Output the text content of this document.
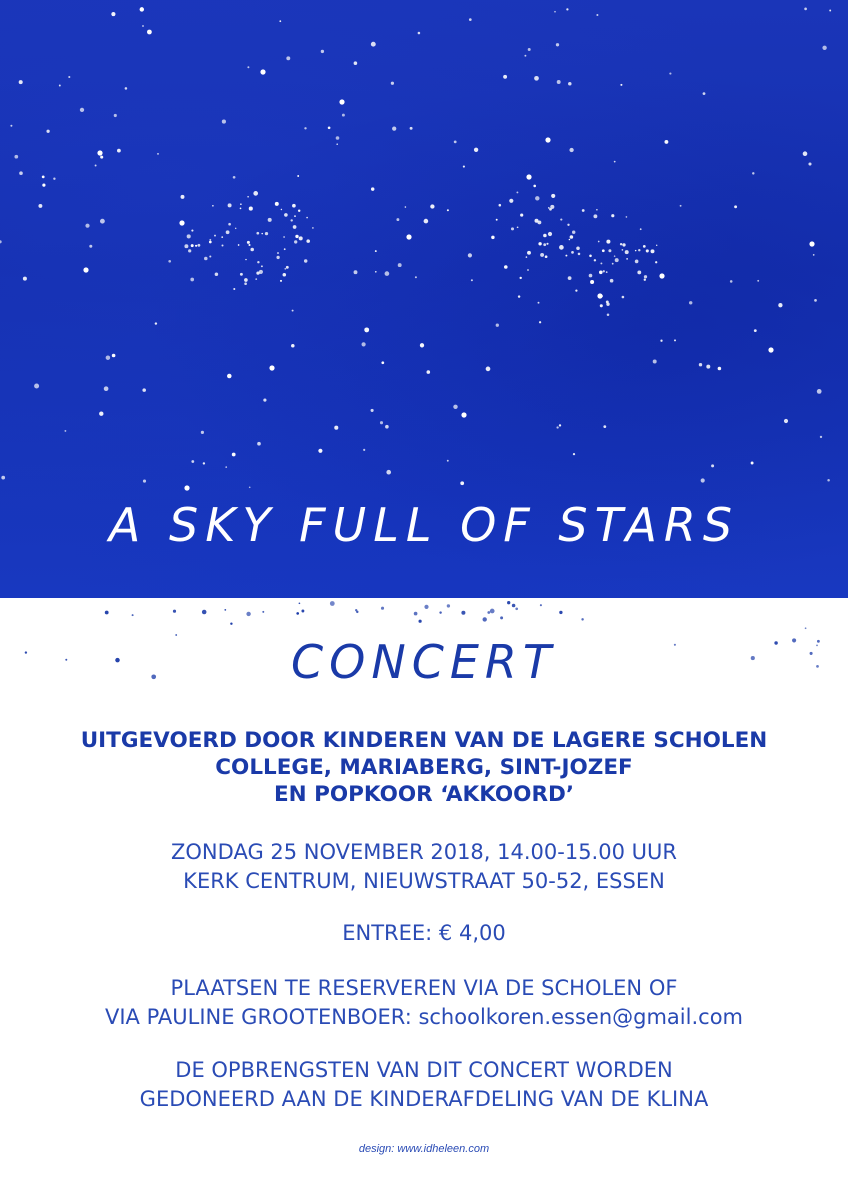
A SKY FULL OF STARS
CONCERT
UITGEVOERD DOOR KINDEREN VAN DE LAGERE SCHOLEN
COLLEGE, MARIABERG, SINT-JOZEF
EN POPKOOR ‘AKKOORD’
ZONDAG 25 NOVEMBER 2018, 14.00-15.00 UUR
KERK CENTRUM, NIEUWSTRAAT 50-52, ESSEN
ENTREE: € 4,00
PLAATSEN TE RESERVEREN VIA DE SCHOLEN OF
VIA PAULINE GROOTENBOER: schoolkoren.essen@gmail.com
DE OPBRENGSTEN VAN DIT CONCERT WORDEN
GEDONEERD AAN DE KINDERAFDELING VAN DE KLINA
design: www.idheleen.com
